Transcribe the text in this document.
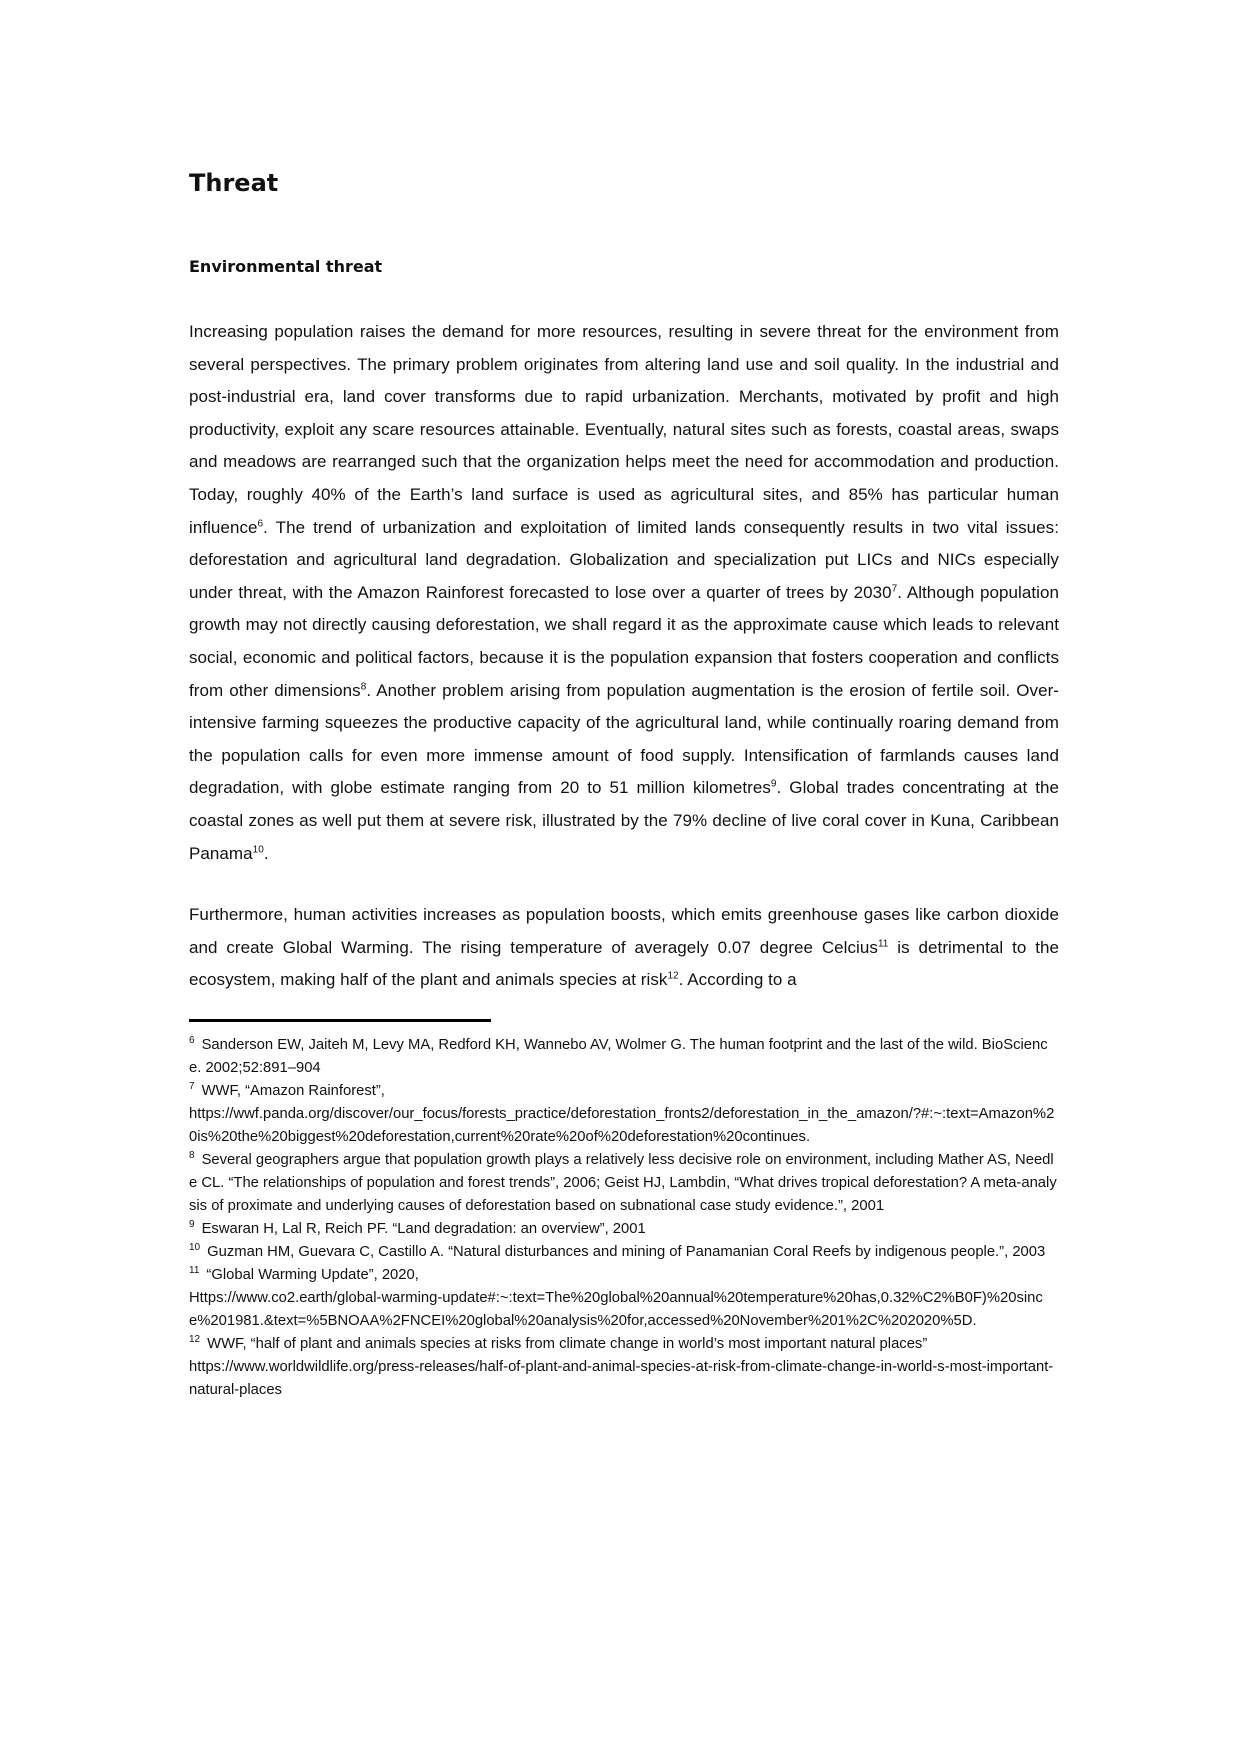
Threat
Environmental threat

Increasing population raises the demand for more resources, resulting in severe threat for the environment from several perspectives. The primary problem originates from altering land use and soil quality. In the industrial and post-industrial era, land cover transforms due to rapid urbanization. Merchants, motivated by profit and high productivity, exploit any scare resources attainable. Eventually, natural sites such as forests, coastal areas, swaps and meadows are rearranged such that the organization helps meet the need for accommodation and production. Today, roughly 40% of the Earth’s land surface is used as agricultural sites, and 85% has particular human influence$^6$. The trend of urbanization and exploitation of limited lands consequently results in two vital issues: deforestation and agricultural land degradation. Globalization and specialization put LICs and NICs especially under threat, with the Amazon Rainforest forecasted to lose over a quarter of trees by 2030$^7$. Although population growth may not directly causing deforestation, we shall regard it as the approximate cause which leads to relevant social, economic and political factors, because it is the population expansion that fosters cooperation and conflicts from other dimensions$^8$. Another problem arising from population augmentation is the erosion of fertile soil. Over-intensive farming squeezes the productive capacity of the agricultural land, while continually roaring demand from the population calls for even more immense amount of food supply. Intensification of farmlands causes land degradation, with globe estimate ranging from 20 to 51 million kilometres$^9$. Global trades concentrating at the coastal zones as well put them at severe risk, illustrated by the 79% decline of live coral cover in Kuna, Caribbean Panama$^{10}$.

Furthermore, human activities increases as population boosts, which emits greenhouse gases like carbon dioxide and create Global Warming. The rising temperature of averagely 0.07 degree Celcius$^{11}$ is detrimental to the ecosystem, making half of the plant and animals species at risk$^{12}$. According to a

$^6$ Sanderson EW, Jaiteh M, Levy MA, Redford KH, Wannebo AV, Wolmer G. The human footprint and the last of the wild. BioScience. 2002;52:891–904

$^7$ WWF, “Amazon Rainforest”,
https://wwf.panda.org/discover/our_focus/forests_practice/deforestation_fronts2/deforestation_in_the_amazon/?#:~:text=Amazon%20is%20the%20biggest%20deforestation,current%20rate%20of%20deforestation%20continues.

$^8$ Several geographers argue that population growth plays a relatively less decisive role on environment, including Mather AS, Needle CL. “The relationships of population and forest trends”, 2006; Geist HJ, Lambdin, “What drives tropical deforestation? A meta-analysis of proximate and underlying causes of deforestation based on subnational case study evidence.”, 2001

$^9$ Eswaran H, Lal R, Reich PF. “Land degradation: an overview”, 2001

$^{10}$ Guzman HM, Guevara C, Castillo A. “Natural disturbances and mining of Panamanian Coral Reefs by indigenous people.”, 2003

$^{11}$ “Global Warming Update”, 2020,
Https://www.co2.earth/global-warming-update#:~:text=The%20global%20annual%20temperature%20has,0.32%C2%B0F)%20since%201981.&text=%5BNOAA%2FNCEI%20global%20analysis%20for,accessed%20November%201%2C%202020%5D.

$^{12}$ WWF, “half of plant and animals species at risks from climate change in world’s most important natural places”
https://www.worldwildlife.org/press-releases/half-of-plant-and-animal-species-at-risk-from-climate-change-in-world-s-most-important-natural-places
